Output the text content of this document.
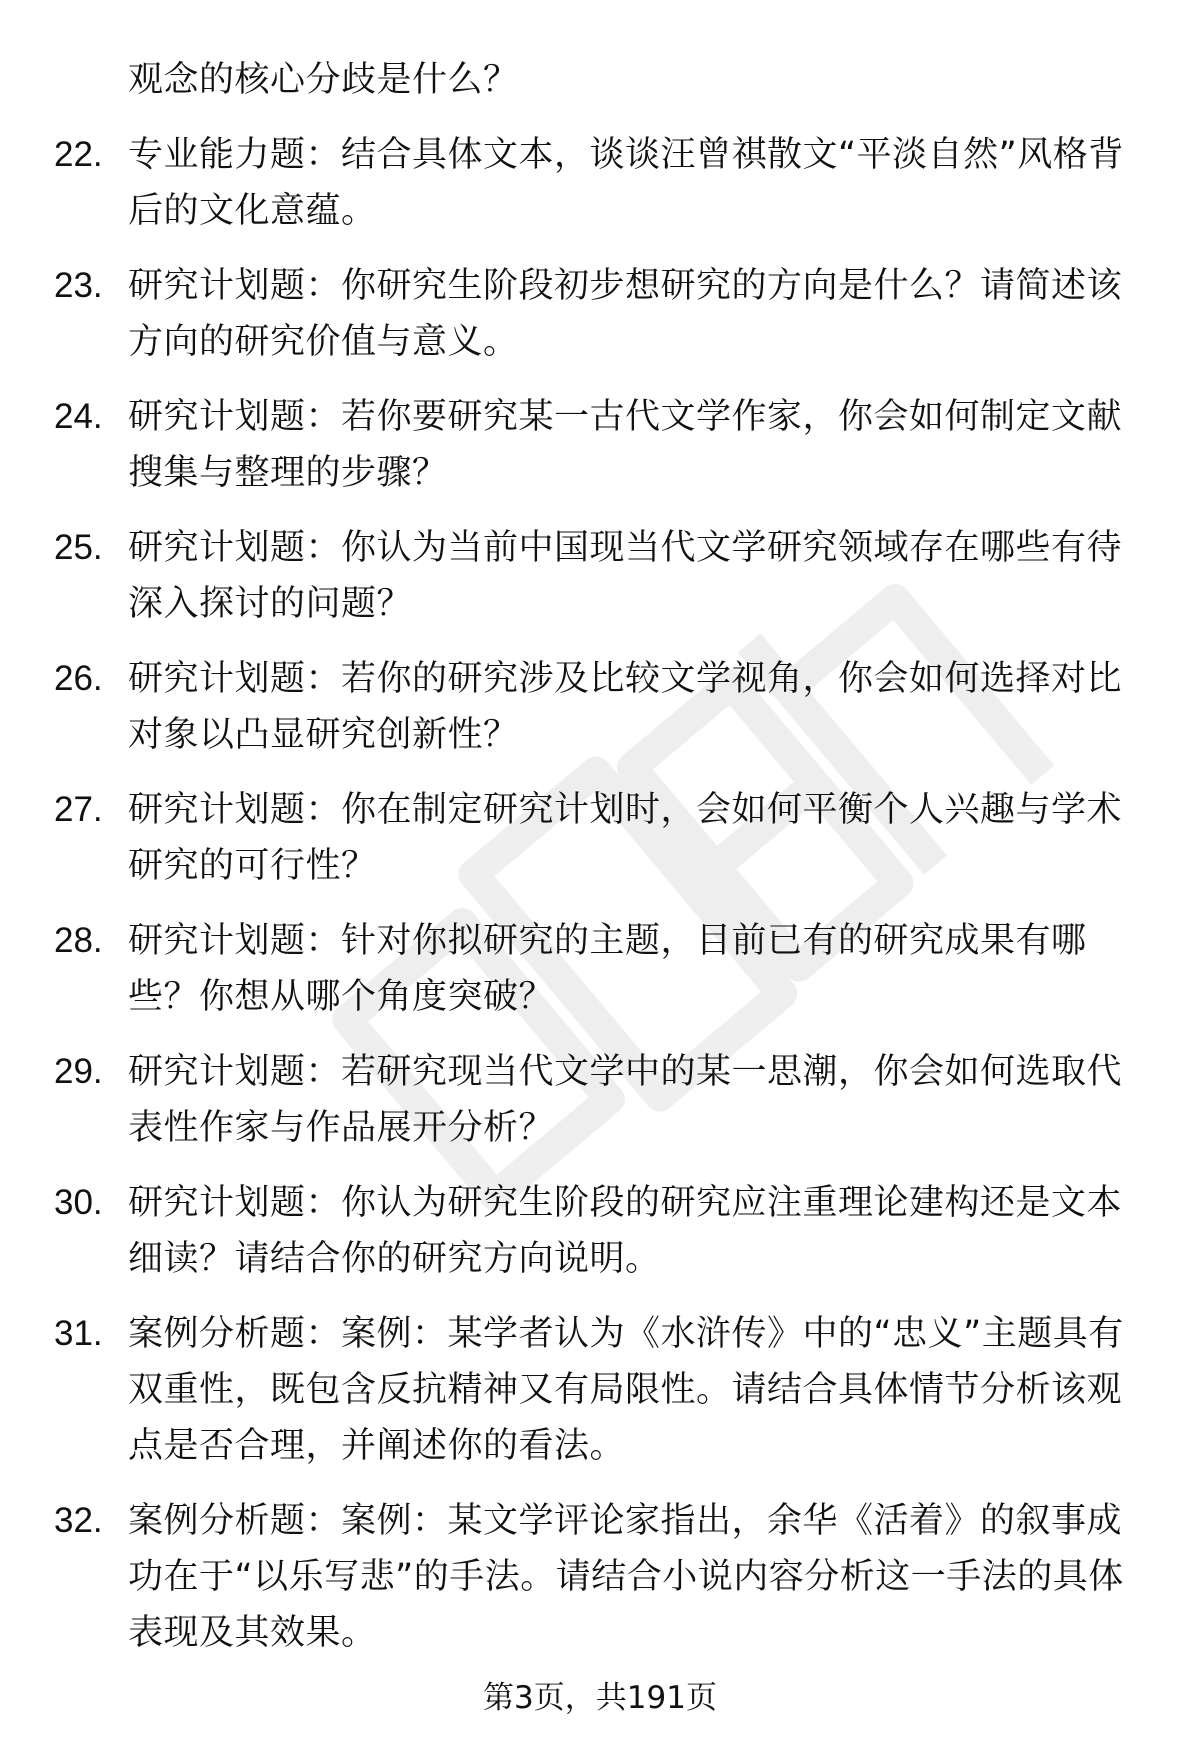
观念的核心分歧是什么？
22. 专业能力题：结合具体文本，谈谈汪曾祺散文“平淡自然”风格背后的文化意蕴。
23. 研究计划题：你研究生阶段初步想研究的方向是什么？请简述该方向的研究价值与意义。
24. 研究计划题：若你要研究某一古代文学作家，你会如何制定文献搜集与整理的步骤？
25. 研究计划题：你认为当前中国现当代文学研究领域存在哪些有待深入探讨的问题？
26. 研究计划题：若你的研究涉及比较文学视角，你会如何选择对比对象以凸显研究创新性？
27. 研究计划题：你在制定研究计划时，会如何平衡个人兴趣与学术研究的可行性？
28. 研究计划题：针对你拟研究的主题，目前已有的研究成果有哪些？你想从哪个角度突破？
29. 研究计划题：若研究现当代文学中的某一思潮，你会如何选取代表性作家与作品展开分析？
30. 研究计划题：你认为研究生阶段的研究应注重理论建构还是文本细读？请结合你的研究方向说明。
31. 案例分析题：案例：某学者认为《水浒传》中的“忠义”主题具有双重性，既包含反抗精神又有局限性。请结合具体情节分析该观点是否合理，并阐述你的看法。
32. 案例分析题：案例：某文学评论家指出，余华《活着》的叙事成功在于“以乐写悲”的手法。请结合小说内容分析这一手法的具体表现及其效果。
第3页，共191页
